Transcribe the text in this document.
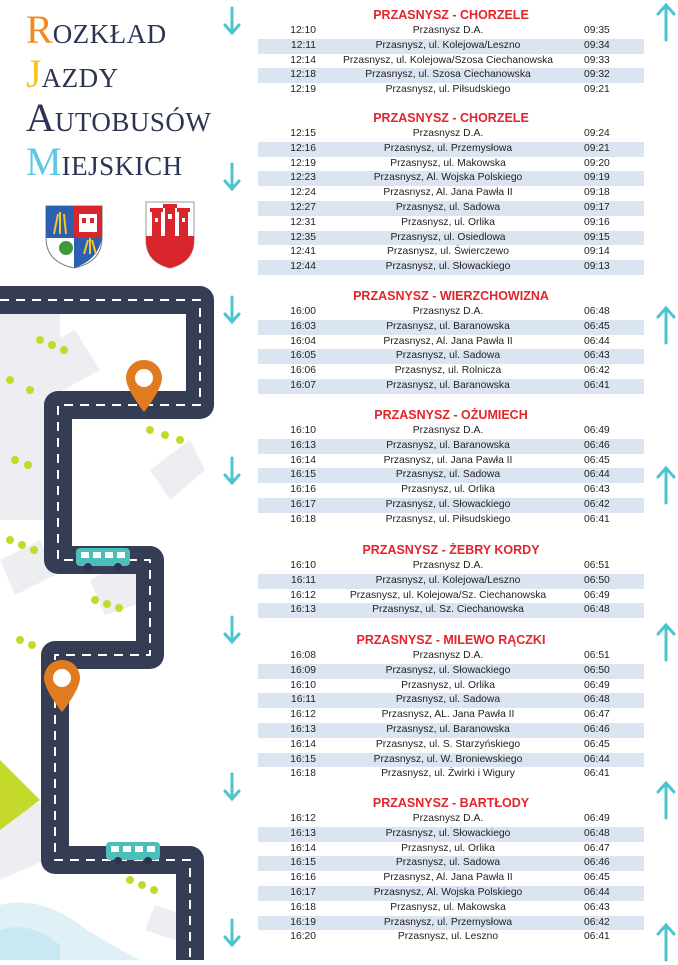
ROZKŁAD
JAZDY
AUTOBUSÓW
MIEJSKICH
PRZASNYSZ - CHORZELE
12:10	Przasnysz D.A.	09:35
12:11	Przasnysz, ul. Kolejowa/Leszno	09:34
12:14	Przasnysz, ul. Kolejowa/Szosa Ciechanowska	09:33
12:18	Przasnysz, ul. Szosa Ciechanowska	09:32
12:19	Przasnysz, ul. Piłsudskiego	09:21
PRZASNYSZ - CHORZELE
12:15	Przasnysz D.A.	09:24
12:16	Przasnysz, ul. Przemysłowa	09:21
12:19	Przasnysz, ul. Makowska	09:20
12:23	Przasnysz, Al. Wojska Polskiego	09:19
12:24	Przasnysz, Al. Jana Pawła II	09:18
12:27	Przasnysz, ul. Sadowa	09:17
12:31	Przasnysz, ul. Orlika	09:16
12:35	Przasnysz, ul. Osiedlowa	09:15
12:41	Przasnysz, ul. Świerczewo	09:14
12:44	Przasnysz, ul. Słowackiego	09:13
PRZASNYSZ - WIERZCHOWIZNA
16:00	Przasnysz D.A.	06:48
16:03	Przasnysz, ul. Baranowska	06:45
16:04	Przasnysz, Al. Jana Pawła II	06:44
16:05	Przasnysz, ul. Sadowa	06:43
16:06	Przasnysz, ul. Rolnicza	06:42
16:07	Przasnysz, ul. Baranowska	06:41
PRZASNYSZ - OŻUMIECH
16:10	Przasnysz D.A.	06:49
16:13	Przasnysz, ul. Baranowska	06:46
16:14	Przasnysz, ul. Jana Pawła II	06:45
16:15	Przasnysz, ul. Sadowa	06:44
16:16	Przasnysz, ul. Orlika	06:43
16:17	Przasnysz, ul. Słowackiego	06:42
16:18	Przasnysz, ul. Piłsudskiego	06:41
PRZASNYSZ - ŻEBRY KORDY
16:10	Przasnysz D.A.	06:51
16:11	Przasnysz, ul. Kolejowa/Leszno	06:50
16:12	Przasnysz, ul. Kolejowa/Sz. Ciechanowska	06:49
16:13	Przasnysz, ul. Sz. Ciechanowska	06:48
PRZASNYSZ - MILEWO RĄCZKI
16:08	Przasnysz D.A.	06:51
16:09	Przasnysz, ul. Słowackiego	06:50
16:10	Przasnysz, ul. Orlika	06:49
16:11	Przasnysz, ul. Sadowa	06:48
16:12	Przasnysz, AL. Jana Pawła II	06:47
16:13	Przasnysz, ul. Baranowska	06:46
16:14	Przasnysz, ul. S. Starzyńskiego	06:45
16:15	Przasnysz, ul. W. Broniewskiego	06:44
16:18	Przasnysz, ul. Żwirki i Wigury	06:41
PRZASNYSZ - BARTŁODY
16:12	Przasnysz D.A.	06:49
16:13	Przasnysz, ul. Słowackiego	06:48
16:14	Przasnysz, ul. Orlika	06:47
16:15	Przasnysz, ul. Sadowa	06:46
16:16	Przasnysz, Al. Jana Pawła II	06:45
16:17	Przasnysz, Al. Wojska Polskiego	06:44
16:18	Przasnysz, ul. Makowska	06:43
16:19	Przasnysz, ul. Przemysłowa	06:42
16:20	Przasnysz, ul. Leszno	06:41
